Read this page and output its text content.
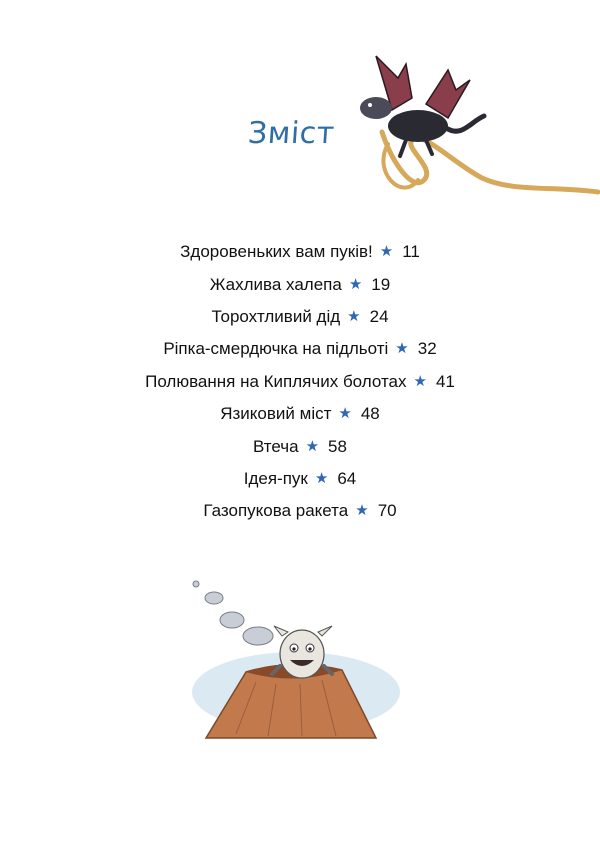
Зміст
Здоровеньких вам пуків! ★ 11
Жахлива халепа ★ 19
Торохтливий дід ★ 24
Ріпка-смердючка на підльоті ★ 32
Полювання на Киплячих болотах ★ 41
Язиковий міст ★ 48
Втеча ★ 58
Ідея-пук ★ 64
Газопукова ракета ★ 70
